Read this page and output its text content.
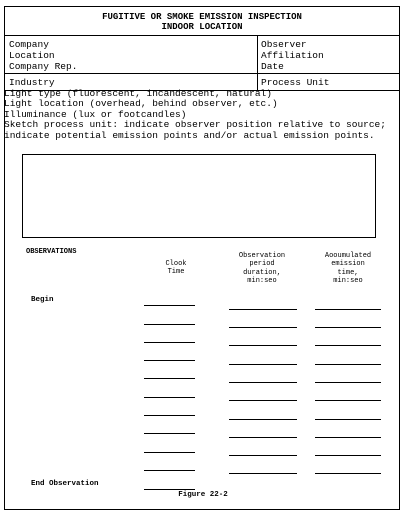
FUGITIVE OR SMOKE EMISSION INSPECTION
INDOOR LOCATION
Company
Location
Company Rep.
Observer
Affiliation
Date
Industry	Process Unit
Light type (fluorescent, incandescent, natural)
Light location (overhead, behind observer, etc.)
Illuminance (lux or footcandles)
Sketch process unit: indicate observer position relative to source; indicate potential emission points and/or actual emission points.
OBSERVATIONS
Clook
Time
Observation
period
duration,
min:seo
Aooumulated
emission
time,
min:seo
Begin
End Observation
Figure 22-2
